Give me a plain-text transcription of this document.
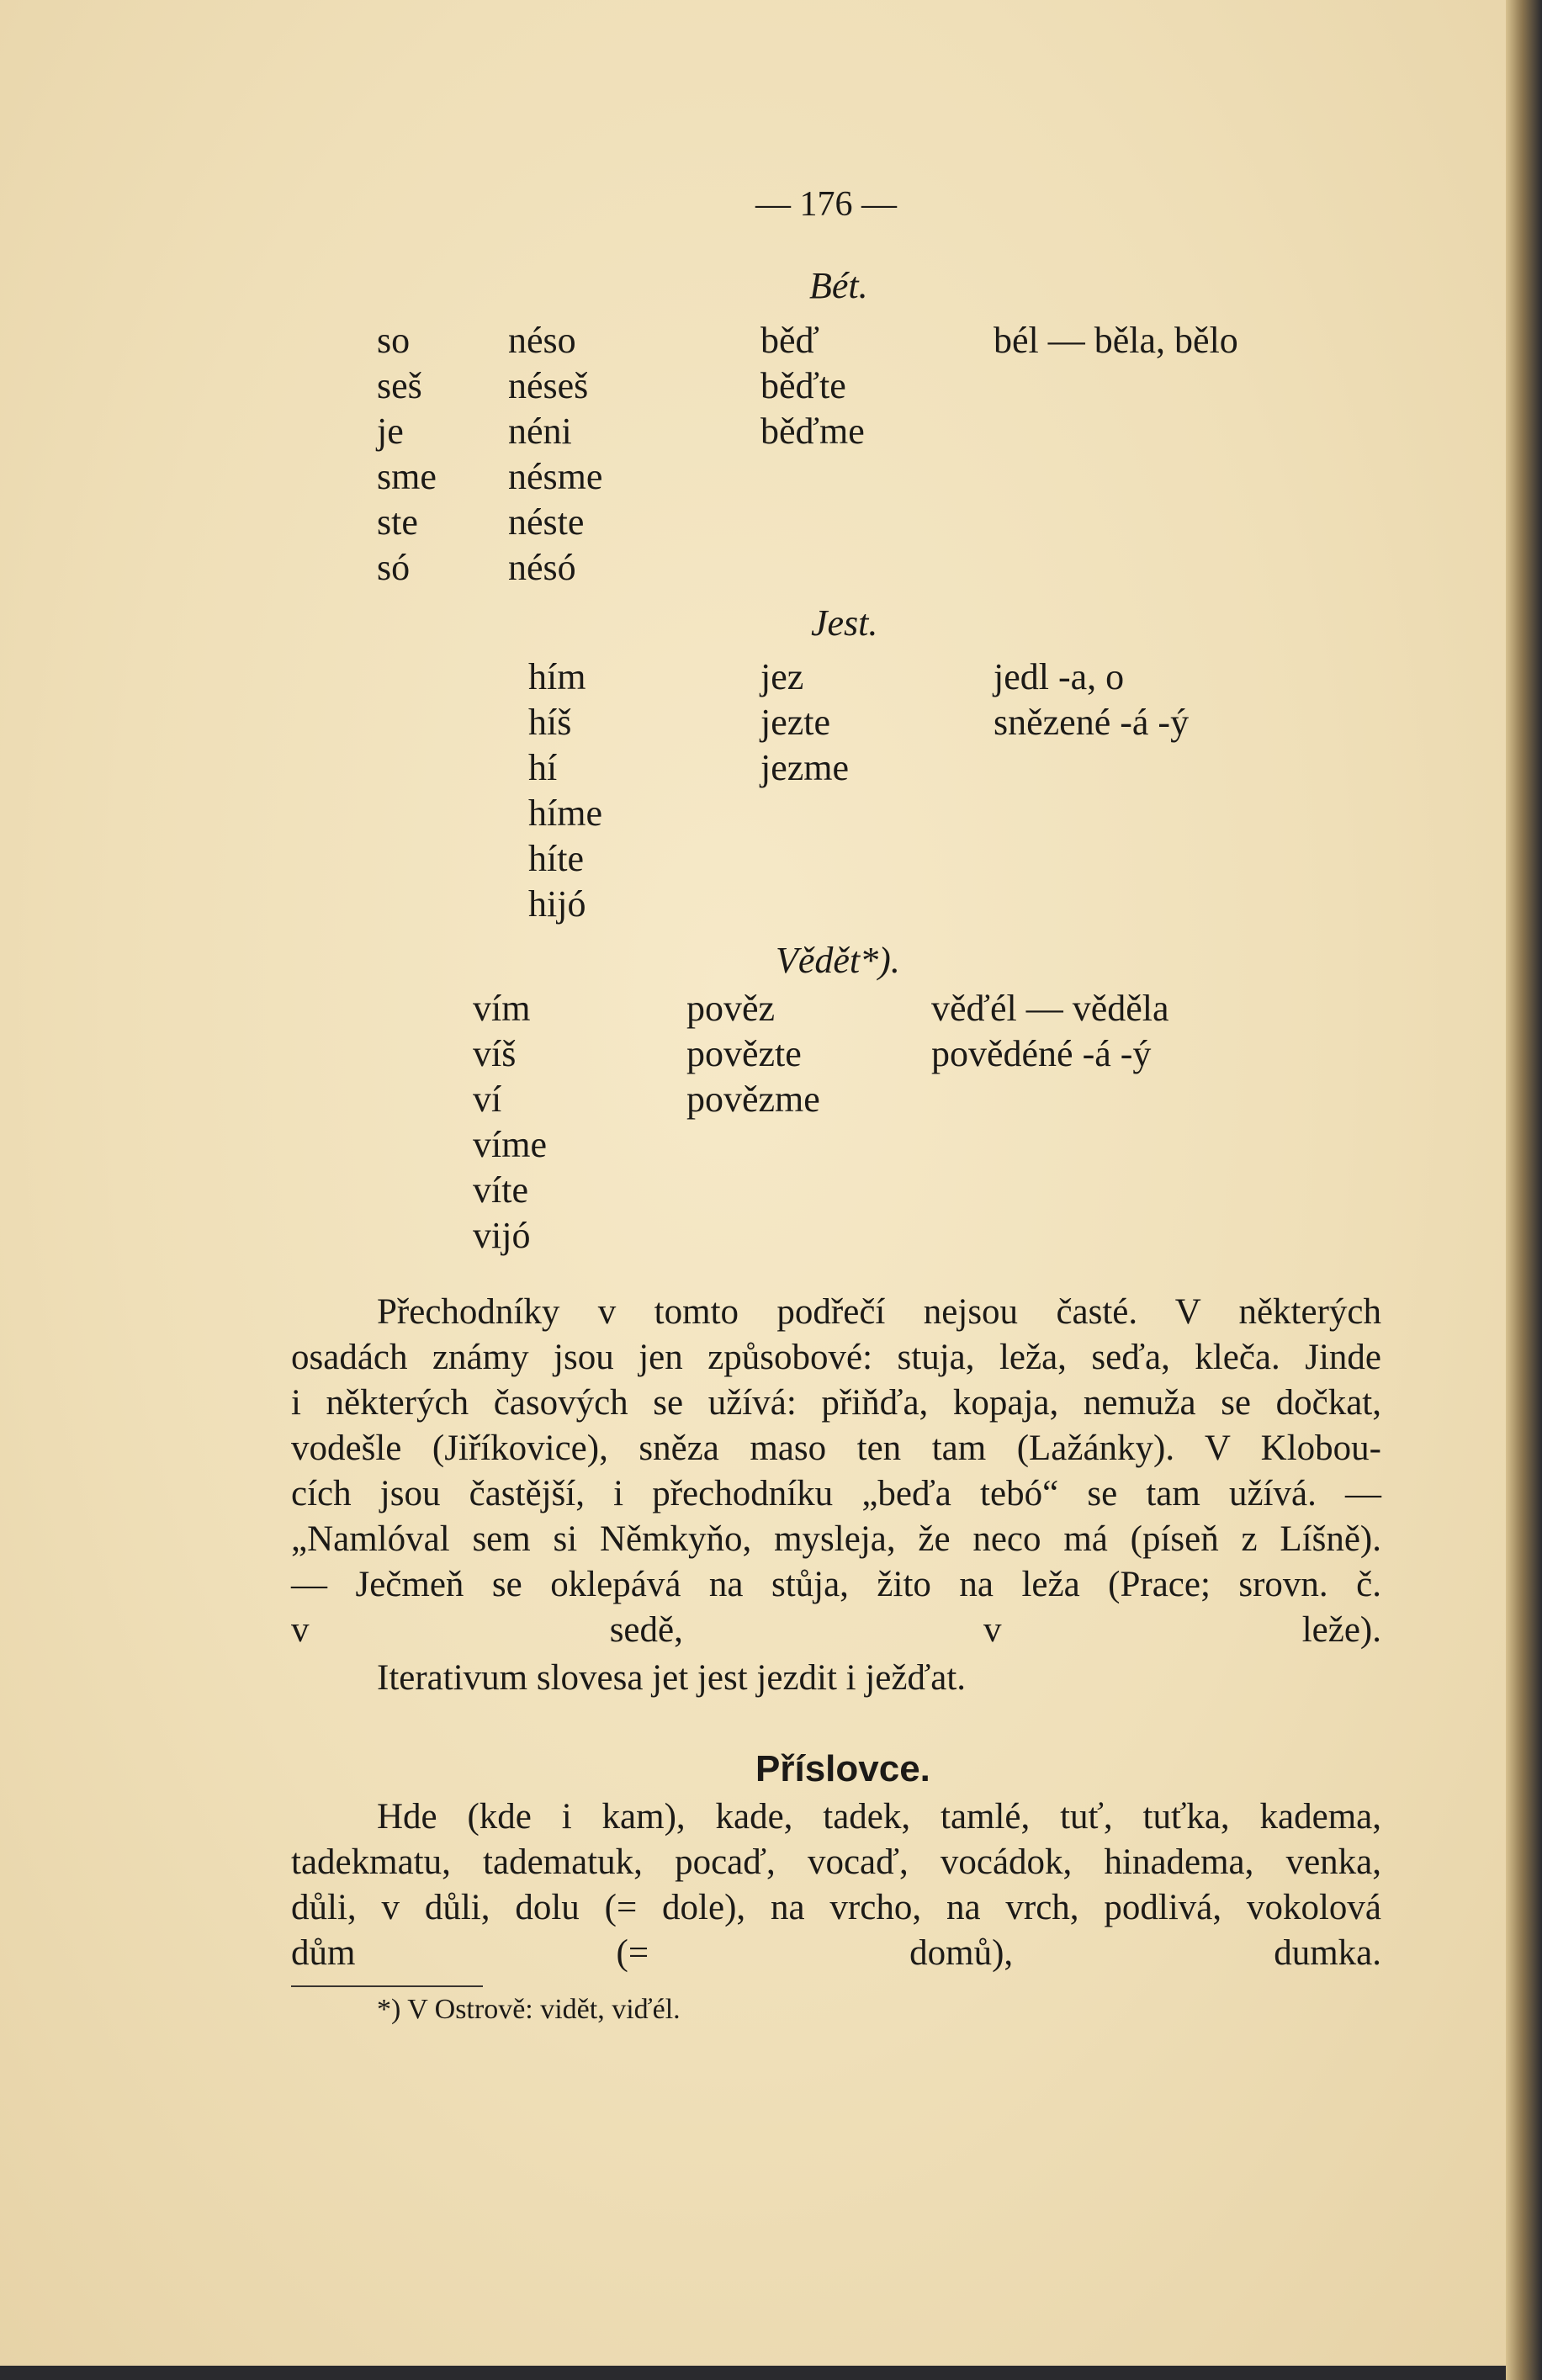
— 176 —
Bét.
so
seš
je
sme
ste
só
néso
néseš
néni
nésme
néste
nésó
běď
běďte
běďme
bél — běla, bělo
Jest.
hím
híš
hí
híme
híte
hijó
jez
jezte
jezme
jedl -a, o
snězené -á -ý
Vědět*).
vím
víš
ví
víme
víte
vijó
pověz
povězte
povězme
věďél — věděla
povědéné -á -ý
Přechodníky v tomto podřečí nejsou časté. V některých
osadách známy jsou jen způsobové: stuja, leža, seďa, kleča. Jinde
i některých časových se užívá: přiňďa, kopaja, nemuža se dočkat,
vodešle (Jiříkovice), sněza maso ten tam (Lažánky). V Klobou-
cích jsou častější, i přechodníku „beďa tebó“ se tam užívá. —
„Namlóval sem si Němkyňo, mysleja, že neco má (píseň z Líšně).
— Ječmeň se oklepává na stůja, žito na leža (Prace; srovn. č.
v sedě, v leže).
Iterativum slovesa jet jest jezdit i ježďat.
Příslovce.
Hde (kde i kam), kade, tadek, tamlé, tuť, tuťka, kadema,
tadekmatu, tadematuk, pocaď, vocaď, vocádok, hinadema, venka,
důli, v důli, dolu (= dole), na vrcho, na vrch, podlivá, vokolová
dům (= domů), dumka.
*) V Ostrově: vidět, viďél.
